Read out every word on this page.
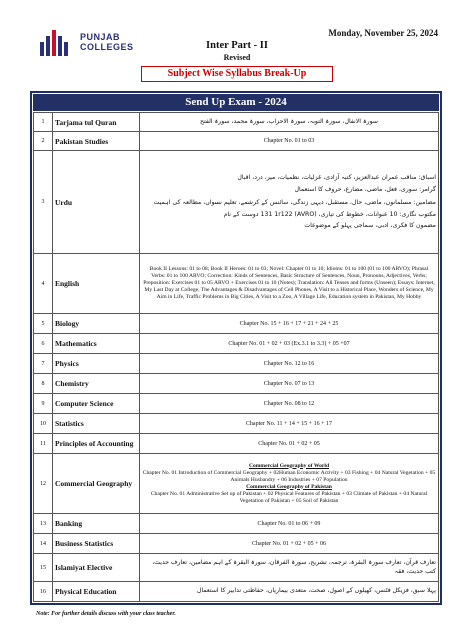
PUNJAB
COLLEGES
Monday, November 25, 2024
Inter Part - II
Revised
Subject Wise Syllabus Break-Up
Send Up Exam - 2024
1	Tarjama tul Quran	سورۃ الانفال، سورۃ التوبہ، سورۃ الاحزاب، سورۃ محمد، سورۃ الفتح
2	Pakistan Studies	Chapter No. 01 to 03
3	Urdu	اسباق: مناقب عمران عبدالعزیز، کتبہ آزادی، غزلیات، نظمیات، میر، درد، اقبال
گرامر: سوری، فعل، ماضی، مضارع، حروف کا استعمال
مضامین: مسلمانوں، ماضی، حال، مستقبل، دیہی زندگی، سائنس کے کرشمے، تعلیم نسواں، مطالعہ کی اہمیت
مکتوب نگاری: 10 عنوانات، خطوط کی تیاری، (AVRO) 131 1r122 دوست کے نام
مضمون کا فکری، ادبی، سماجی پہلو کے موضوعات

4	English	Book II Lessons: 01 to 08; Book II Heroes: 01 to 03; Novel: Chapter 01 to 10; Idioms: 01 to 100 (01 to 100 ARVO); Phrasal Verbs: 01 to 100 ARVO; Correction: Kinds of Sentences, Basic Structure of Sentences, Noun, Pronouns, Adjectives, Verbs; Preposition: Exercises 01 to 05 ARVO + Exercises 01 to 10 (Notes); Translation: All Tenses and forms (Unseen); Essays: Internet, My Last Day at College, The Advantages & Disadvantages of Cell Phones, A Visit to a Historical Place, Wonders of Science, My Aim in Life, Traffic Problems in Big Cities, A Visit to a Zoo, A Village Life, Education system in Pakistan, My Hobby
5	Biology	Chapter No. 15 + 16 + 17 + 21 + 24 + 25
6	Mathematics	Chapter No. 01 + 02 + 03 (Ex.3.1 to 3.3) + 05 +07
7	Physics	Chapter No. 12 to 16
8	Chemistry	Chapter No. 07 to 13
9	Computer Science	Chapter No. 08 to 12
10	Statistics	Chapter No. 11 + 14 + 15 + 16 + 17
11	Principles of Accounting	Chapter No. 01 + 02 + 05
12	Commercial Geography	Commercial Geography of World
Chapter No. 01 Introduction of Commercial Geography + 02Human Economic Activity + 03 Fishing + 04 Natural Vegetation + 05 Animals Husbandry + 06 Industries + 07 Population
Commercial Geography of Pakistan
Chapter No. 01 Administrative Set up of Pakistan + 02 Physical Features of Pakistan + 03 Climate of Pakistan + 04 Natural Vegetation of Pakistan + 05 Soil of Pakistan

13	Banking	Chapter No. 01 to 06 + 09
14	Business Statistics	Chapter No. 01 + 02 + 05 + 06
15	Islamiyat Elective	تعارف قرآن، تعارف سورۃ البقرۃ، ترجمہ، تشریح، سورۃ الفرقان، سورۃ البقرۃ کے اہم مضامین، تعارف حدیث، کتب حدیث، فقہ
16	Physical Education	پہلا سبق، فزیکل فٹنس، کھیلوں کے اصول، صحت، متعدی بیماریاں، حفاظتی تدابیر کا استعمال
Note: For further details discuss with your class teacher.
